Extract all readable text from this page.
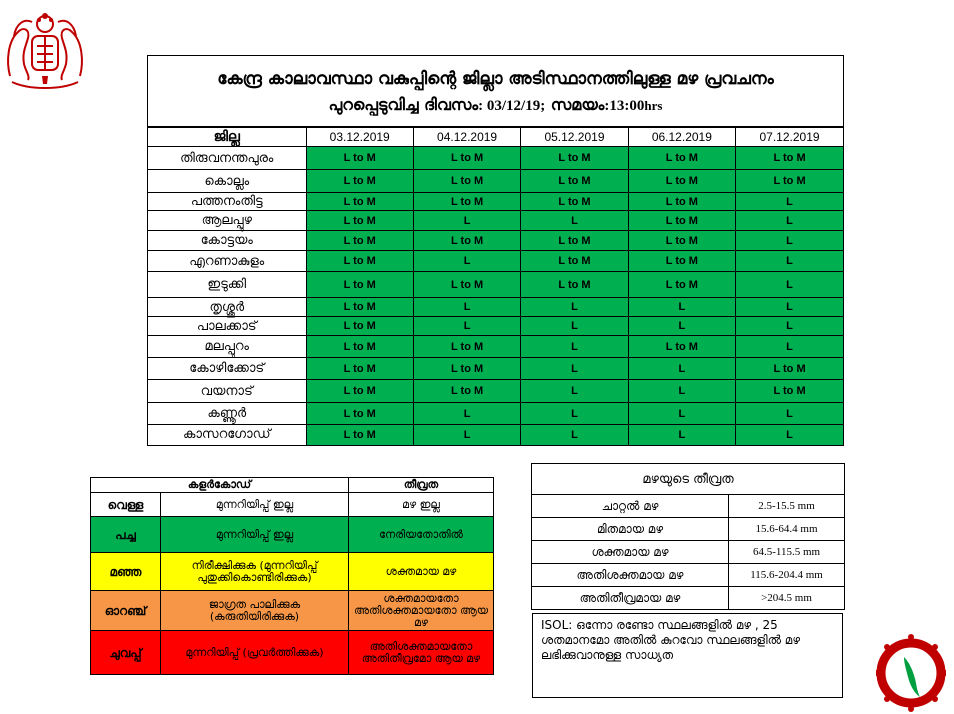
കേന്ദ്ര കാലാവസ്ഥാ വകുപ്പിന്റെ ജില്ലാ അടിസ്ഥാനത്തിലുള്ള മഴ പ്രവചനം
പുറപ്പെടുവിച്ച ദിവസം: 03/12/19; സമയം:13:00hrs
ജില്ല	03.12.2019	04.12.2019	05.12.2019	06.12.2019	07.12.2019
തിരുവനന്തപുരം	L to M	L to M	L to M	L to M	L to M
കൊല്ലം	L to M	L to M	L to M	L to M	L to M
പത്തനംതിട്ട	L to M	L to M	L to M	L to M	L
ആലപ്പുഴ	L to M	L	L	L to M	L
കോട്ടയം	L to M	L to M	L to M	L to M	L
എറണാകുളം	L to M	L	L to M	L to M	L
ഇടുക്കി	L to M	L to M	L to M	L to M	L
തൃശ്ശൂർ	L to M	L	L	L	L
പാലക്കാട്	L to M	L	L	L	L
മലപ്പുറം	L to M	L to M	L	L to M	L
കോഴിക്കോട്	L to M	L to M	L	L	L to M
വയനാട്	L to M	L to M	L	L	L to M
കണ്ണൂർ	L to M	L	L	L	L
കാസറഗോഡ്	L to M	L	L	L	L
കളർകോഡ്		തീവ്രത
വെള്ള	മുന്നറിയിപ്പ് ഇല്ല	മഴ ഇല്ല
പച്ച	മുന്നറിയിപ്പ് ഇല്ല	നേരിയതോതിൽ
മഞ്ഞ	നിരീക്ഷിക്കുക (മുന്നറിയിപ്പ് പുതുക്കികൊണ്ടിരിക്കുക)	ശക്തമായ മഴ
ഓറഞ്ച്	ജാഗ്രത പാലിക്കുക (കരുതിയിരിക്കുക)	ശക്തമായതോ അതിശക്തമായതോ ആയ മഴ
ചുവപ്പ്	മുന്നറിയിപ്പ് (പ്രവർത്തിക്കുക)	അതിശക്തമായതോ അതിതീവ്രമോ ആയ മഴ
മഴയുടെ തീവ്രത	
ചാറ്റൽ മഴ	2.5-15.5 mm
മിതമായ മഴ	15.6-64.4 mm
ശക്തമായ മഴ	64.5-115.5 mm
അതിശക്തമായ മഴ	115.6-204.4 mm
അതിതീവ്രമായ മഴ	>204.5 mm
ISOL: ഒന്നോ രണ്ടോ സ്ഥലങ്ങളിൽ മഴ , 25 ശതമാനമോ അതിൽ കുറവോ സ്ഥലങ്ങളിൽ മഴ ലഭിക്കുവാനുള്ള സാധ്യത
